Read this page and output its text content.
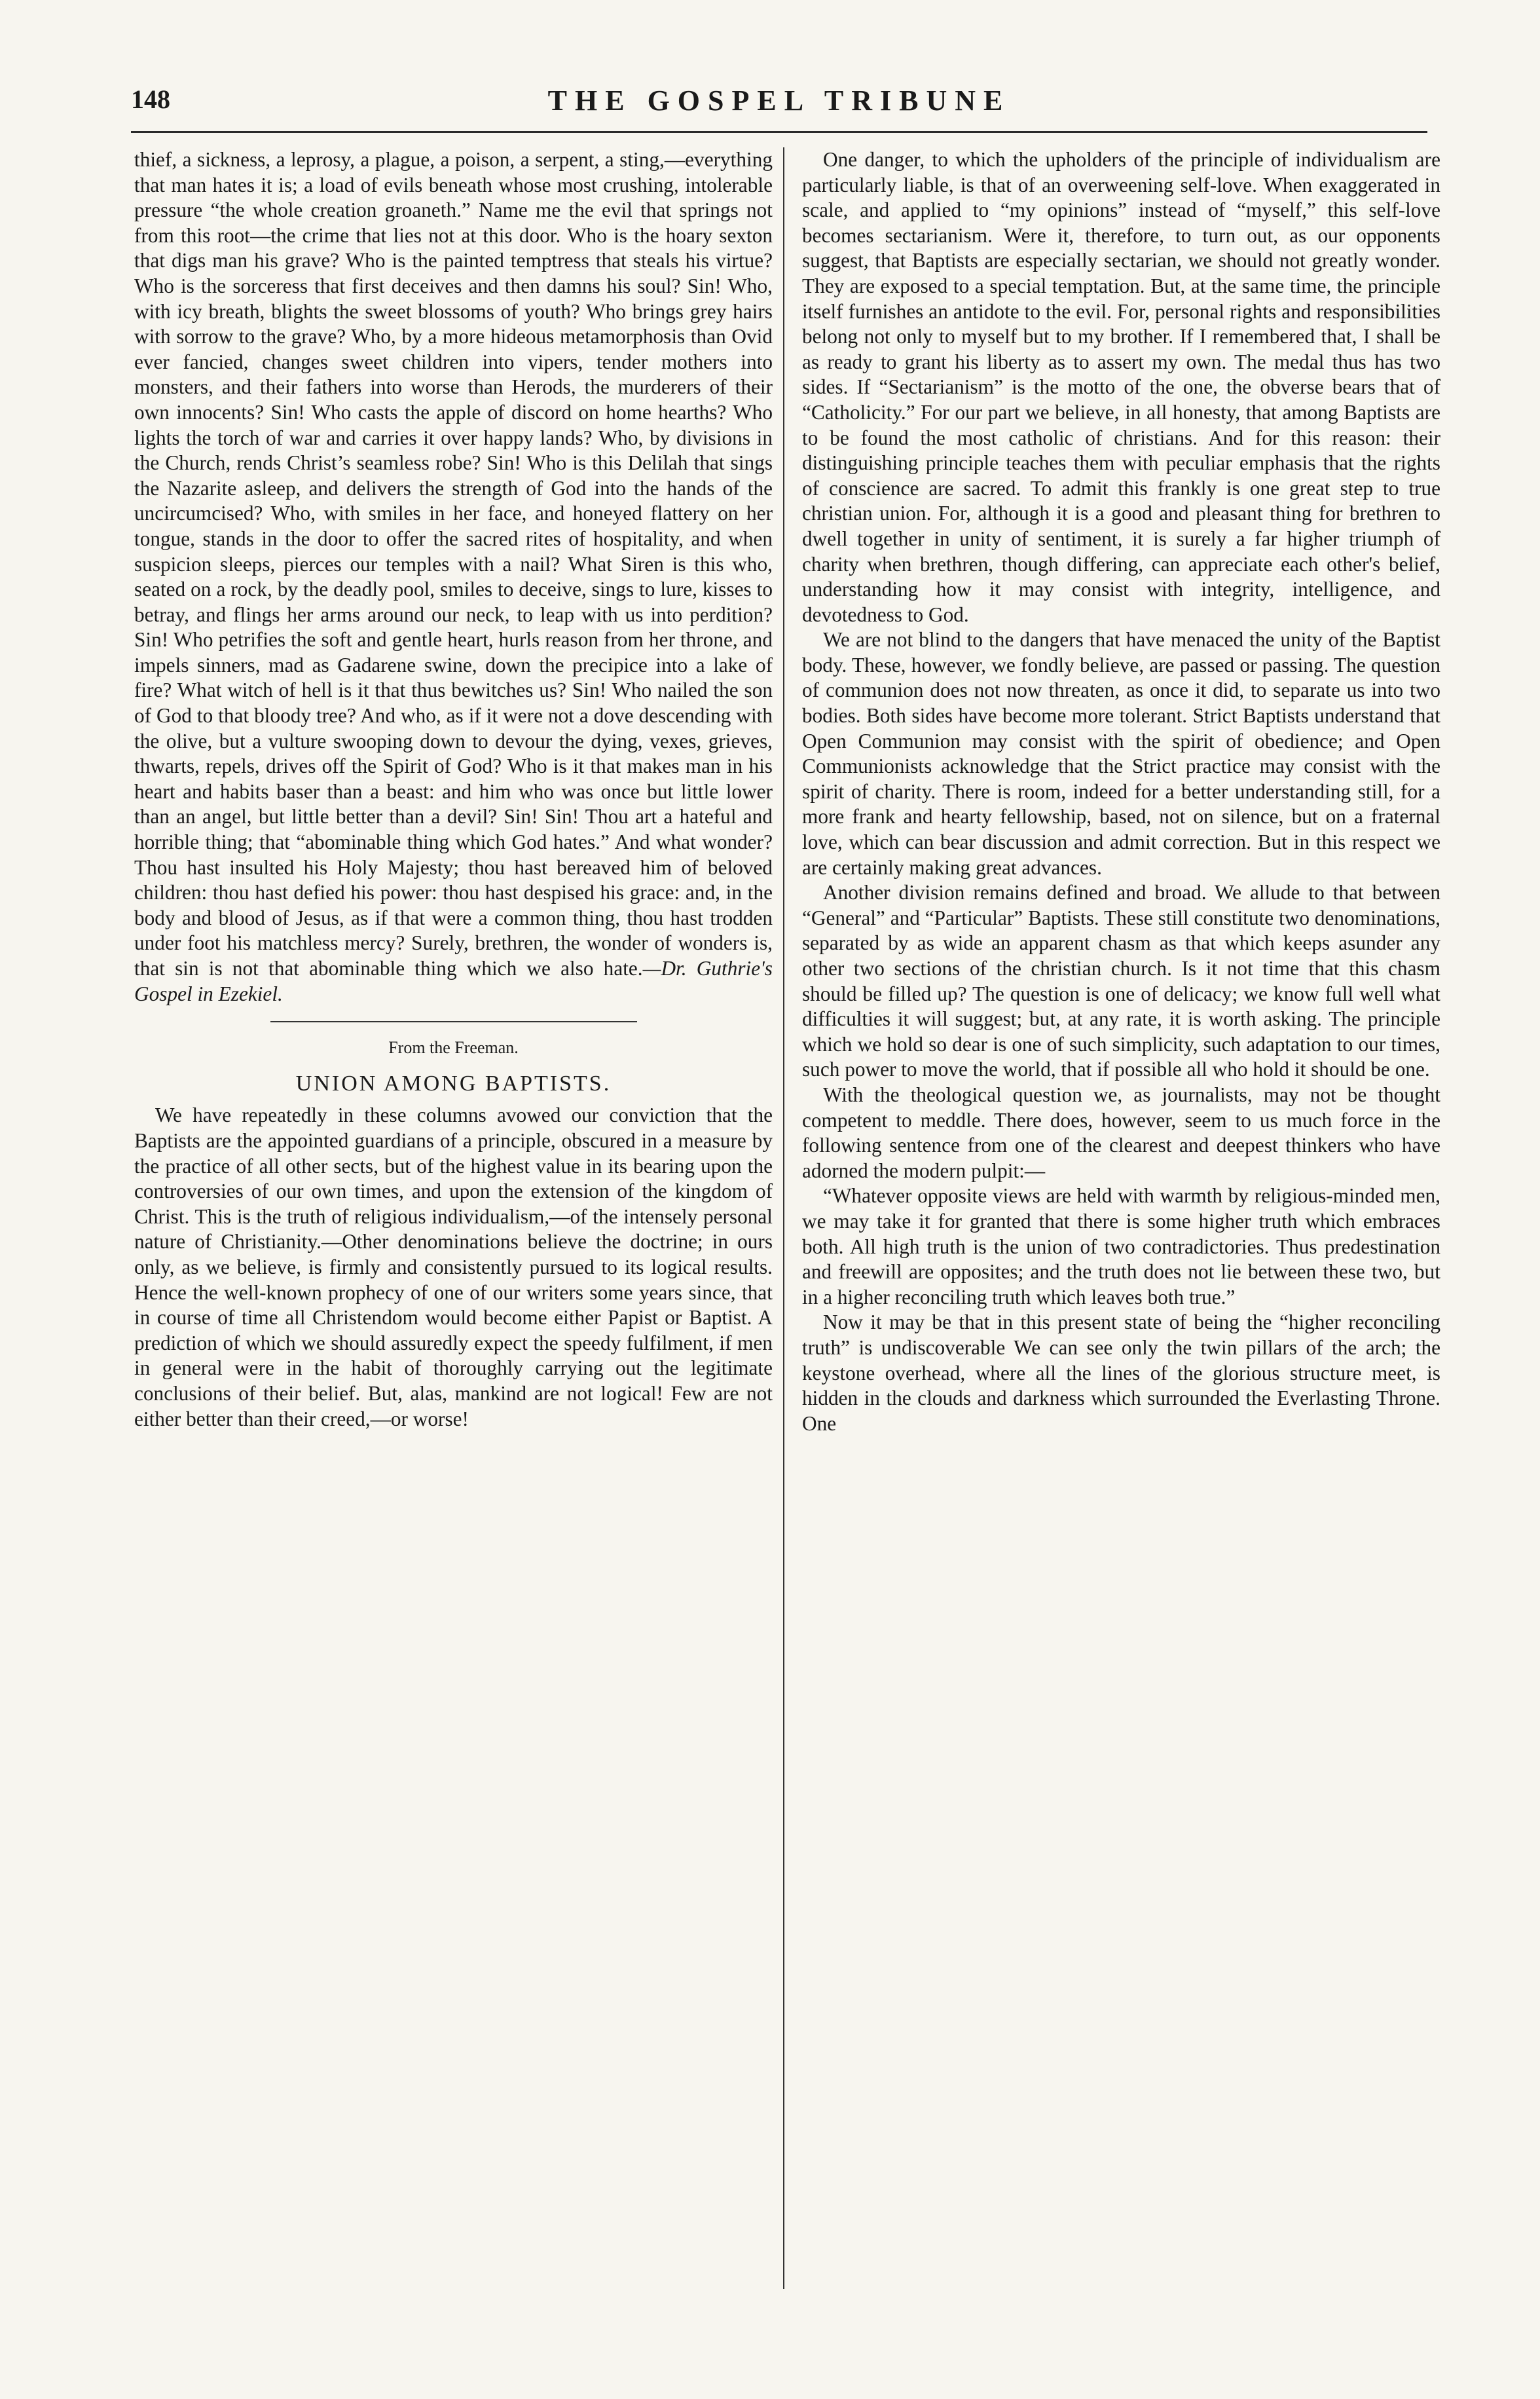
148	THE GOSPEL TRIBUNE

thief, a sickness, a leprosy, a plague, a poison, a serpent, a sting,—everything that man hates it is; a load of evils beneath whose most crushing, intolerable pressure “the whole creation groaneth.” Name me the evil that springs not from this root—the crime that lies not at this door. Who is the hoary sexton that digs man his grave? Who is the painted temptress that steals his virtue? Who is the sorceress that first deceives and then damns his soul? Sin! Who, with icy breath, blights the sweet blossoms of youth? Who brings grey hairs with sorrow to the grave? Who, by a more hideous metamorphosis than Ovid ever fancied, changes sweet children into vipers, tender mothers into monsters, and their fathers into worse than Herods, the murderers of their own innocents? Sin! Who casts the apple of discord on home hearths? Who lights the torch of war and carries it over happy lands? Who, by divisions in the Church, rends Christ’s seamless robe? Sin! Who is this Delilah that sings the Nazarite asleep, and delivers the strength of God into the hands of the uncircumcised? Who, with smiles in her face, and honeyed flattery on her tongue, stands in the door to offer the sacred rites of hospitality, and when suspicion sleeps, pierces our temples with a nail? What Siren is this who, seated on a rock, by the deadly pool, smiles to deceive, sings to lure, kisses to betray, and flings her arms around our neck, to leap with us into perdition? Sin! Who petrifies the soft and gentle heart, hurls reason from her throne, and impels sinners, mad as Gadarene swine, down the precipice into a lake of fire? What witch of hell is it that thus bewitches us? Sin! Who nailed the son of God to that bloody tree? And who, as if it were not a dove descending with the olive, but a vulture swooping down to devour the dying, vexes, grieves, thwarts, repels, drives off the Spirit of God? Who is it that makes man in his heart and habits baser than a beast: and him who was once but little lower than an angel, but little better than a devil? Sin! Sin! Thou art a hateful and horrible thing; that “abominable thing which God hates.” And what wonder? Thou hast insulted his Holy Majesty; thou hast bereaved him of beloved children: thou hast defied his power: thou hast despised his grace: and, in the body and blood of Jesus, as if that were a common thing, thou hast trodden under foot his matchless mercy? Surely, brethren, the wonder of wonders is, that sin is not that abominable thing which we also hate.—Dr. Guthrie's Gospel in Ezekiel.

From the Freeman.
UNION AMONG BAPTISTS.

We have repeatedly in these columns avowed our conviction that the Baptists are the appointed guardians of a principle, obscured in a measure by the practice of all other sects, but of the highest value in its bearing upon the controversies of our own times, and upon the extension of the kingdom of Christ. This is the truth of religious individualism,—of the intensely personal nature of Christianity.—Other denominations believe the doctrine; in ours only, as we believe, is firmly and consistently pursued to its logical results. Hence the well-known prophecy of one of our writers some years since, that in course of time all Christendom would become either Papist or Baptist. A prediction of which we should assuredly expect the speedy fulfilment, if men in general were in the habit of thoroughly carrying out the legitimate conclusions of their belief. But, alas, mankind are not logical! Few are not either better than their creed,—or worse!

One danger, to which the upholders of the principle of individualism are particularly liable, is that of an overweening self-love. When exaggerated in scale, and applied to “my opinions” instead of “myself,” this self-love becomes sectarianism. Were it, therefore, to turn out, as our opponents suggest, that Baptists are especially sectarian, we should not greatly wonder. They are exposed to a special temptation. But, at the same time, the principle itself furnishes an antidote to the evil. For, personal rights and responsibilities belong not only to myself but to my brother. If I remembered that, I shall be as ready to grant his liberty as to assert my own. The medal thus has two sides. If “Sectarianism” is the motto of the one, the obverse bears that of “Catholicity.” For our part we believe, in all honesty, that among Baptists are to be found the most catholic of christians. And for this reason: their distinguishing principle teaches them with peculiar emphasis that the rights of conscience are sacred. To admit this frankly is one great step to true christian union. For, although it is a good and pleasant thing for brethren to dwell together in unity of sentiment, it is surely a far higher triumph of charity when brethren, though differing, can appreciate each other's belief, understanding how it may consist with integrity, intelligence, and devotedness to God.

We are not blind to the dangers that have menaced the unity of the Baptist body. These, however, we fondly believe, are passed or passing. The question of communion does not now threaten, as once it did, to separate us into two bodies. Both sides have become more tolerant. Strict Baptists understand that Open Communion may consist with the spirit of obedience; and Open Communionists acknowledge that the Strict practice may consist with the spirit of charity. There is room, indeed for a better understanding still, for a more frank and hearty fellowship, based, not on silence, but on a fraternal love, which can bear discussion and admit correction. But in this respect we are certainly making great advances.

Another division remains defined and broad. We allude to that between “General” and “Particular” Baptists. These still constitute two denominations, separated by as wide an apparent chasm as that which keeps asunder any other two sections of the christian church. Is it not time that this chasm should be filled up? The question is one of delicacy; we know full well what difficulties it will suggest; but, at any rate, it is worth asking. The principle which we hold so dear is one of such simplicity, such adaptation to our times, such power to move the world, that if possible all who hold it should be one.

With the theological question we, as journalists, may not be thought competent to meddle. There does, however, seem to us much force in the following sentence from one of the clearest and deepest thinkers who have adorned the modern pulpit:—

“Whatever opposite views are held with warmth by religious-minded men, we may take it for granted that there is some higher truth which embraces both. All high truth is the union of two contradictories. Thus predestination and freewill are opposites; and the truth does not lie between these two, but in a higher reconciling truth which leaves both true.”

Now it may be that in this present state of being the “higher reconciling truth” is undiscoverable We can see only the twin pillars of the arch; the keystone overhead, where all the lines of the glorious structure meet, is hidden in the clouds and darkness which surrounded the Everlasting Throne. One
